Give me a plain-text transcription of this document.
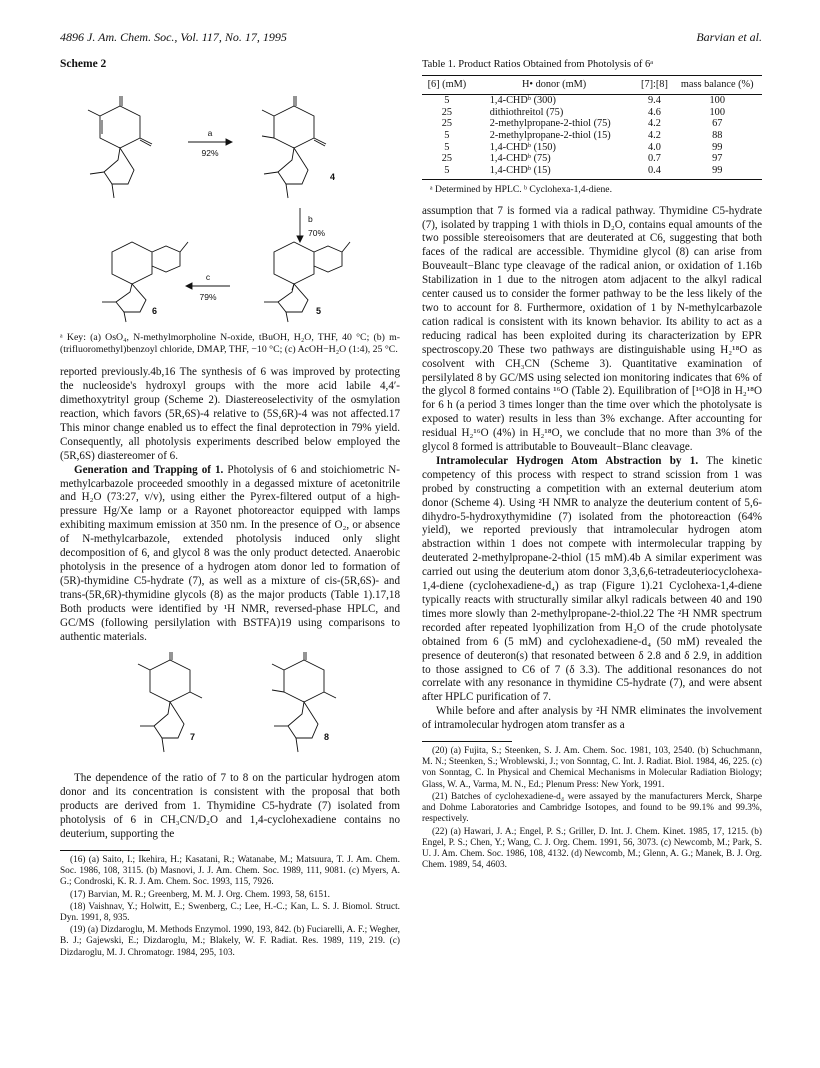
4896 J. Am. Chem. Soc., Vol. 117, No. 17, 1995	Barvian et al.
Scheme 2
a
92%
b
70%
c
79%
4
5
6
ᵃ Key: (a) OsO₄, N-methylmorpholine N-oxide, tBuOH, H₂O, THF, 40 °C; (b) m-(trifluoromethyl)benzoyl chloride, DMAP, THF, −10 °C; (c) AcOH−H₂O (1:4), 25 °C.

reported previously.4b,16 The synthesis of 6 was improved by protecting the nucleoside's hydroxyl groups with the more acid labile 4,4′-dimethoxytrityl group (Scheme 2). Diastereoselectivity of the osmylation reaction, which favors (5R,6S)-4 relative to (5S,6R)-4 was not affected.17 This minor change enabled us to effect the final deprotection in 79% yield. Consequently, all photolysis experiments described below employed the (5R,6S) diastereomer of 6.

Generation and Trapping of 1. Photolysis of 6 and stoichiometric N-methylcarbazole proceeded smoothly in a degassed mixture of acetonitrile and H₂O (73:27, v/v), using either the Pyrex-filtered output of a high-pressure Hg/Xe lamp or a Rayonet photoreactor equipped with lamps exhibiting maximum emission at 350 nm. In the presence of O₂, or absence of N-methylcarbazole, extended photolysis induced only slight decomposition of 6, and glycol 8 was the only product detected. Anaerobic photolysis in the presence of a hydrogen atom donor led to formation of (5R)-thymidine C5-hydrate (7), as well as a mixture of cis-(5R,6S)- and trans-(5R,6R)-thymidine glycols (8) as the major products (Table 1).17,18 Both products were identified by ¹H NMR, reversed-phase HPLC, and GC/MS (following persilylation with BSTFA)19 using comparisons to authentic materials.

7	8

The dependence of the ratio of 7 to 8 on the particular hydrogen atom donor and its concentration is consistent with the proposal that both products are derived from 1. Thymidine C5-hydrate (7) isolated from photolysis of 6 in CH₃CN/D₂O and 1,4-cyclohexadiene contains no deuterium, supporting the

(16) (a) Saito, I.; Ikehira, H.; Kasatani, R.; Watanabe, M.; Matsuura, T. J. Am. Chem. Soc. 1986, 108, 3115. (b) Masnovi, J. J. Am. Chem. Soc. 1989, 111, 9081. (c) Myers, A. G.; Condroski, K. R. J. Am. Chem. Soc. 1993, 115, 7926.
(17) Barvian, M. R.; Greenberg, M. M. J. Org. Chem. 1993, 58, 6151.
(18) Vaishnav, Y.; Holwitt, E.; Swenberg, C.; Lee, H.-C.; Kan, L. S. J. Biomol. Struct. Dyn. 1991, 8, 935.
(19) (a) Dizdaroglu, M. Methods Enzymol. 1990, 193, 842. (b) Fuciarelli, A. F.; Wegher, B. J.; Gajewski, E.; Dizdaroglu, M.; Blakely, W. F. Radiat. Res. 1989, 119, 219. (c) Dizdaroglu, M. J. Chromatogr. 1984, 295, 103.
Table 1. Product Ratios Obtained from Photolysis of 6ᵃ
[6] (mM)	H• donor (mM)	[7]:[8]	mass balance (%)
5	1,4-CHDᵇ (300)	9.4	100
25	dithiothreitol (75)	4.6	100
25	2-methylpropane-2-thiol (75)	4.2	67
5	2-methylpropane-2-thiol (15)	4.2	88
5	1,4-CHDᵇ (150)	4.0	99
25	1,4-CHDᵇ (75)	0.7	97
5	1,4-CHDᵇ (15)	0.4	99
ᵃ Determined by HPLC. ᵇ Cyclohexa-1,4-diene.

assumption that 7 is formed via a radical pathway. Thymidine C5-hydrate (7), isolated by trapping 1 with thiols in D₂O, contains equal amounts of the two possible stereoisomers that are deuterated at C6, suggesting that both faces of the radical are accessible. Thymidine glycol (8) can arise from Bouveault−Blanc type cleavage of the radical anion, or oxidation of 1.16b Stabilization in 1 due to the nitrogen atom adjacent to the alkyl radical center caused us to consider the former pathway to be the less likely of the two to account for 8. Furthermore, oxidation of 1 by N-methylcarbazole cation radical is consistent with its known behavior. Its ability to act as a reducing radical has been exploited during its characterization by EPR spectroscopy.20 These two pathways are distinguishable using H₂¹⁸O as cosolvent with CH₃CN (Scheme 3). Quantitative examination of persilylated 8 by GC/MS using selected ion monitoring indicates that 6% of the glycol 8 formed contains ¹⁶O (Table 2). Equilibration of [¹⁶O]8 in H₂¹⁸O for 6 h (a period 3 times longer than the time over which the photolysate is exposed to water) results in less than 3% exchange. After accounting for residual H₂¹⁶O (4%) in H₂¹⁸O, we conclude that no more than 3% of the glycol 8 formed is attributable to Bouveault−Blanc cleavage.

Intramolecular Hydrogen Atom Abstraction by 1. The kinetic competency of this process with respect to strand scission from 1 was probed by constructing a competition with an external deuterium atom donor (Scheme 4). Using ²H NMR to analyze the deuterium content of 5,6-dihydro-5-hydroxythymidine (7) isolated from the photoreaction (64% yield), we reported previously that intramolecular hydrogen atom abstraction within 1 does not compete with intermolecular trapping by deuterated 2-methylpropane-2-thiol (15 mM).4b A similar experiment was carried out using the deuterium atom donor 3,3,6,6-tetradeuteriocyclohexa-1,4-diene (cyclohexadiene-d₄) as trap (Figure 1).21 Cyclohexa-1,4-diene typically reacts with structurally similar alkyl radicals between 40 and 190 times more slowly than 2-methylpropane-2-thiol.22 The ²H NMR spectrum recorded after repeated lyophilization from H₂O of the crude photolysate obtained from 6 (5 mM) and cyclohexadiene-d₄ (50 mM) revealed the presence of deuteron(s) that resonated between δ 2.8 and δ 2.9, in addition to those assigned to C6 of 7 (δ 3.3). The additional resonances do not correlate with any resonance in thymidine C5-hydrate (7), and were absent after HPLC purification of 7.

While before and after analysis by ²H NMR eliminates the involvement of intramolecular hydrogen atom transfer as a

(20) (a) Fujita, S.; Steenken, S. J. Am. Chem. Soc. 1981, 103, 2540. (b) Schuchmann, M. N.; Steenken, S.; Wroblewski, J.; von Sonntag, C. Int. J. Radiat. Biol. 1984, 46, 225. (c) von Sonntag, C. In Physical and Chemical Mechanisms in Molecular Radiation Biology; Glass, W. A., Varma, M. N., Ed.; Plenum Press: New York, 1991.
(21) Batches of cyclohexadiene-d₄ were assayed by the manufacturers Merck, Sharpe and Dohme Laboratories and Cambridge Isotopes, and found to be 99.1% and 99.3%, respectively.
(22) (a) Hawari, J. A.; Engel, P. S.; Griller, D. Int. J. Chem. Kinet. 1985, 17, 1215. (b) Engel, P. S.; Chen, Y.; Wang, C. J. Org. Chem. 1991, 56, 3073. (c) Newcomb, M.; Park, S. U. J. Am. Chem. Soc. 1986, 108, 4132. (d) Newcomb, M.; Glenn, A. G.; Manek, B. J. Org. Chem. 1989, 54, 4603.
